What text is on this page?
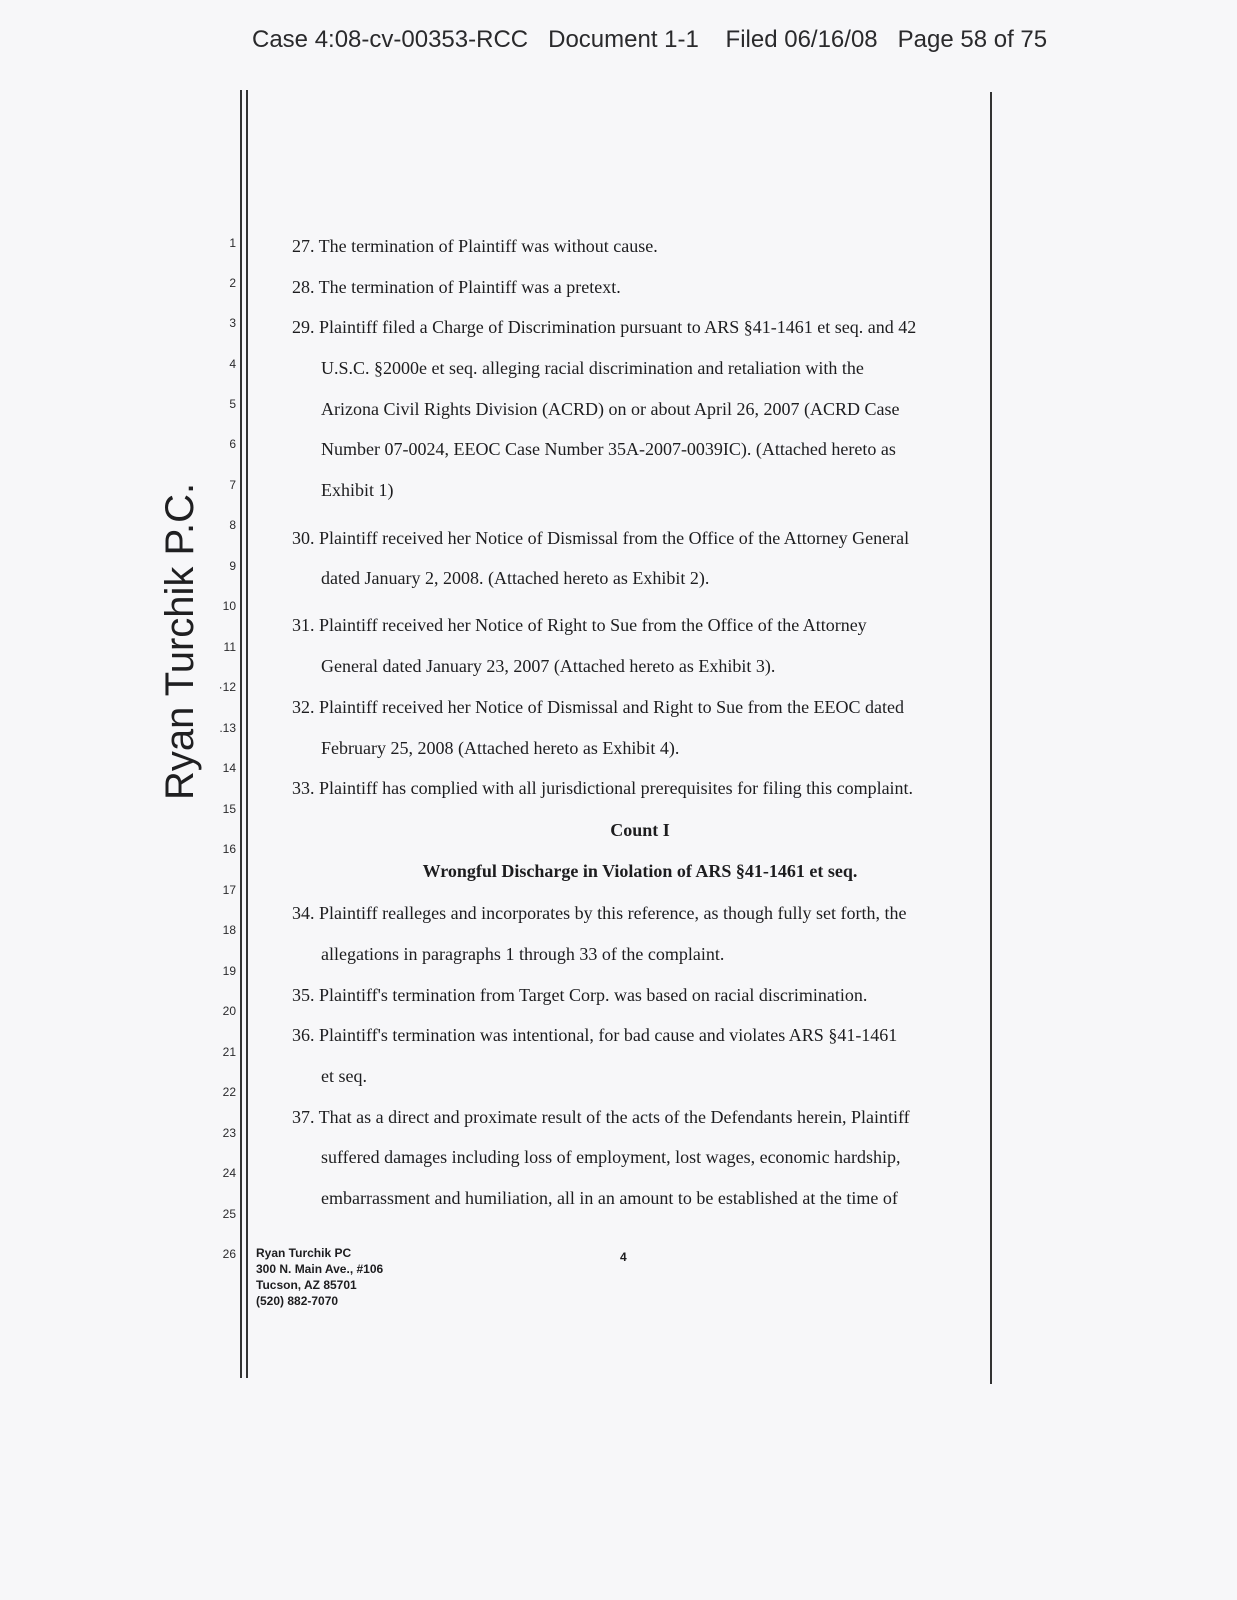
Case 4:08-cv-00353-RCC   Document 1-1    Filed 06/16/08   Page 58 of 75
Ryan Turchik P.C.
1
2
3
4
5
6
7
8
9
10
11
·12
.13
14
15
16
17
18
19
20
21
22
23
24
25
26
27. The termination of Plaintiff was without cause.
28. The termination of Plaintiff was a pretext.
29. Plaintiff filed a Charge of Discrimination pursuant to ARS §41-1461 et seq. and 42
U.S.C. §2000e et seq. alleging racial discrimination and retaliation with the
Arizona Civil Rights Division (ACRD) on or about April 26, 2007 (ACRD Case
Number 07-0024, EEOC Case Number 35A-2007-0039IC). (Attached hereto as
Exhibit 1)
30. Plaintiff received her Notice of Dismissal from the Office of the Attorney General
dated January 2, 2008. (Attached hereto as Exhibit 2).
31. Plaintiff received her Notice of Right to Sue from the Office of the Attorney
General dated January 23, 2007 (Attached hereto as Exhibit 3).
32. Plaintiff received her Notice of Dismissal and Right to Sue from the EEOC dated
February 25, 2008 (Attached hereto as Exhibit 4).
33. Plaintiff has complied with all jurisdictional prerequisites for filing this complaint.
Count I
Wrongful Discharge in Violation of ARS §41-1461 et seq.
34. Plaintiff realleges and incorporates by this reference, as though fully set forth, the
allegations in paragraphs 1 through 33 of the complaint.
35. Plaintiff's termination from Target Corp. was based on racial discrimination.
36. Plaintiff's termination was intentional, for bad cause and violates ARS §41-1461
et seq.
37. That as a direct and proximate result of the acts of the Defendants herein, Plaintiff
suffered damages including loss of employment, lost wages, economic hardship,
embarrassment and humiliation, all in an amount to be established at the time of
Ryan Turchik PC
300 N. Main Ave., #106
Tucson, AZ 85701
(520) 882-7070
4
